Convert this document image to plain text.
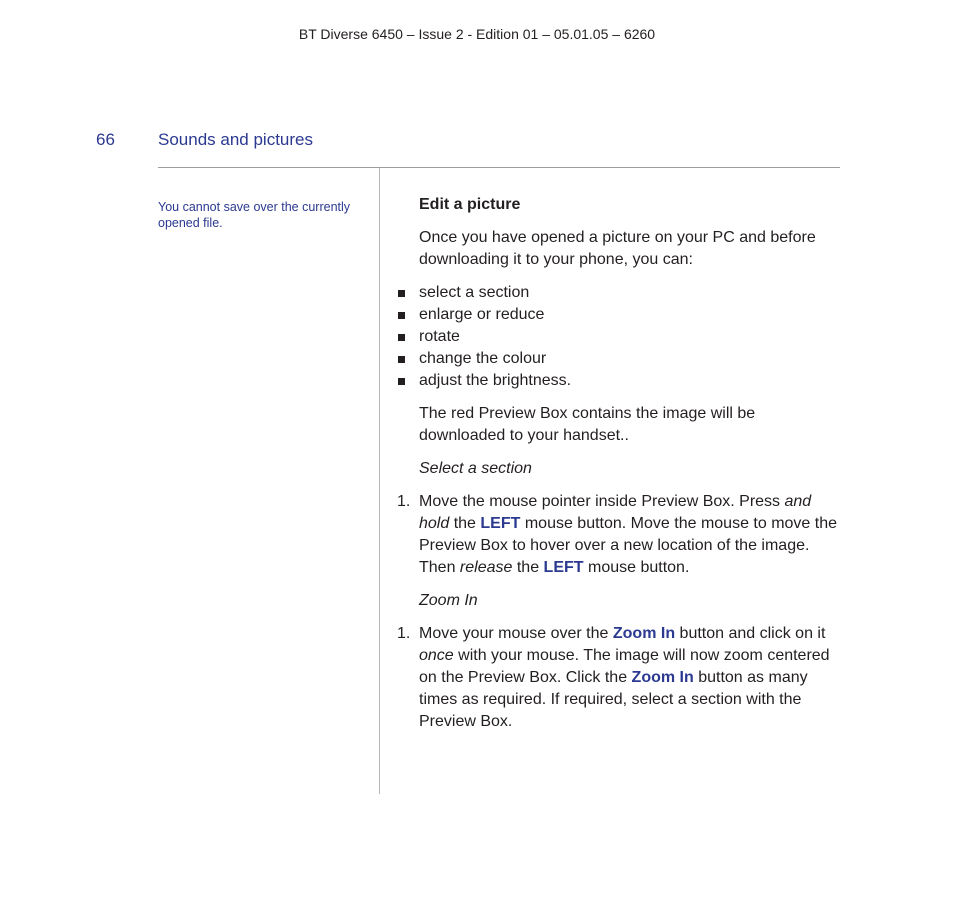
BT Diverse 6450 – Issue 2 - Edition 01 – 05.01.05 – 6260
66	Sounds and pictures
You cannot save over the currently opened file.

Edit a picture

Once you have opened a picture on your PC and before downloading it to your phone, you can:

select a section
enlarge or reduce
rotate
change the colour
adjust the brightness.

The red Preview Box contains the image will be downloaded to your handset..

Select a section

1. Move the mouse pointer inside Preview Box. Press and hold the LEFT mouse button. Move the mouse to move the Preview Box to hover over a new location of the image. Then release the LEFT mouse button.

Zoom In

1. Move your mouse over the Zoom In button and click on it once with your mouse. The image will now zoom centered on the Preview Box. Click the Zoom In button as many times as required. If required, select a section with the Preview Box.
